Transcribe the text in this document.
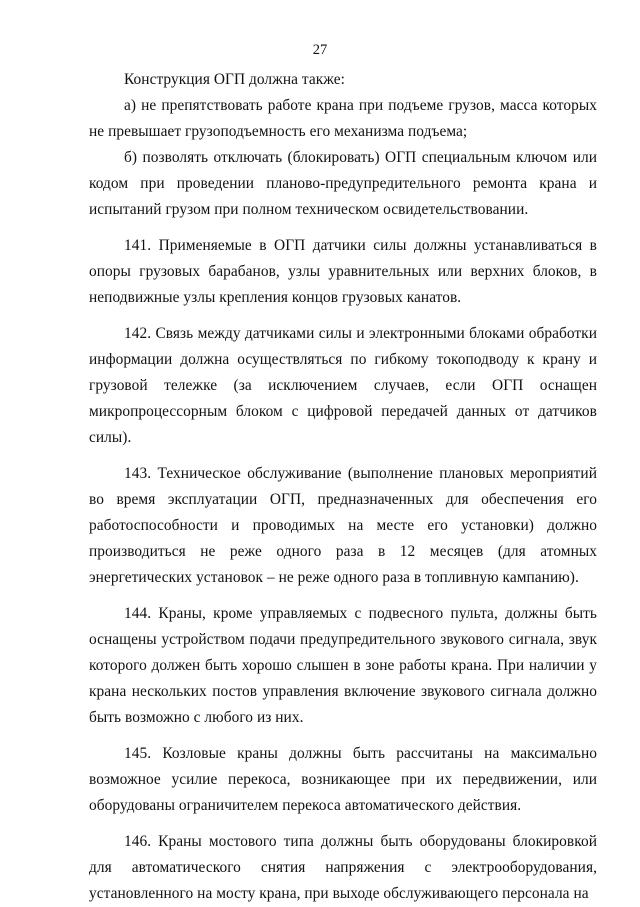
27

Конструкция ОГП должна также:

а) не препятствовать работе крана при подъеме грузов, масса которых не превышает грузоподъемность его механизма подъема;

б) позволять отключать (блокировать) ОГП специальным ключом или кодом при проведении планово-предупредительного ремонта крана и испытаний грузом при полном техническом освидетельствовании.

141. Применяемые в ОГП датчики силы должны устанавливаться в опоры грузовых барабанов, узлы уравнительных или верхних блоков, в неподвижные узлы крепления концов грузовых канатов.

142. Связь между датчиками силы и электронными блоками обработки информации должна осуществляться по гибкому токоподводу к крану и грузовой тележке (за исключением случаев, если ОГП оснащен микропроцессорным блоком с цифровой передачей данных от датчиков силы).

143. Техническое обслуживание (выполнение плановых мероприятий во время эксплуатации ОГП, предназначенных для обеспечения его работоспособности и проводимых на месте его установки) должно производиться не реже одного раза в 12 месяцев (для атомных энергетических установок – не реже одного раза в топливную кампанию).

144. Краны, кроме управляемых с подвесного пульта, должны быть оснащены устройством подачи предупредительного звукового сигнала, звук которого должен быть хорошо слышен в зоне работы крана. При наличии у крана нескольких постов управления включение звукового сигнала должно быть возможно с любого из них.

145. Козловые краны должны быть рассчитаны на максимально возможное усилие перекоса, возникающее при их передвижении, или оборудованы ограничителем перекоса автоматического действия.

146. Краны мостового типа должны быть оборудованы блокировкой для автоматического снятия напряжения с электрооборудования, установленного на мосту крана, при выходе обслуживающего персонала на
